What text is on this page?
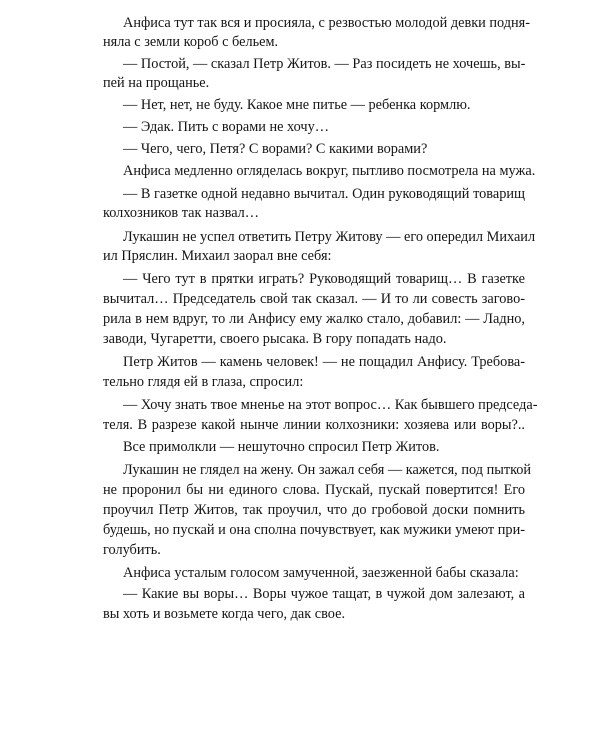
Анфиса тут так вся и просияла, с резвостью молодой девки подня-
няла с земли короб с бельем.
— Постой, — сказал Петр Житов. — Раз посидеть не хочешь, вы-
пей на прощанье.
— Нет, нет, не буду. Какое мне питье — ребенка кормлю.
— Эдак. Пить с ворами не хочу…
— Чего, чего, Петя? С ворами? С какими ворами?
Анфиса медленно огляделась вокруг, пытливо посмотрела на мужа.
— В газетке одной недавно вычитал. Один руководящий товарищ
колхозников так назвал…
Лукашин не успел ответить Петру Житову — его опередил Михаил
ил Пряслин. Михаил заорал вне себя:
— Чего тут в прятки играть? Руководящий товарищ… В газетке
вычитал… Председатель свой так сказал. — И то ли совесть загово-
рила в нем вдруг, то ли Анфису ему жалко стало, добавил: — Ладно,
заводи, Чугаретти, своего рысака. В гору попадать надо.
Петр Житов — камень человек! — не пощадил Анфису. Требова-
тельно глядя ей в глаза, спросил:
— Хочу знать твое мненье на этот вопрос… Как бывшего председа-
теля. В разрезе какой нынче линии колхозники: хозяева или воры?..
Все примолкли — нешуточно спросил Петр Житов.
Лукашин не глядел на жену. Он зажал себя — кажется, под пыткой
не проронил бы ни единого слова. Пускай, пускай повертится! Его
проучил Петр Житов, так проучил, что до гробовой доски помнить
будешь, но пускай и она сполна почувствует, как мужики умеют при-
голубить.
Анфиса усталым голосом замученной, заезженной бабы сказала:
— Какие вы воры… Воры чужое тащат, в чужой дом залезают, а
вы хоть и возьмете когда чего, дак свое.
